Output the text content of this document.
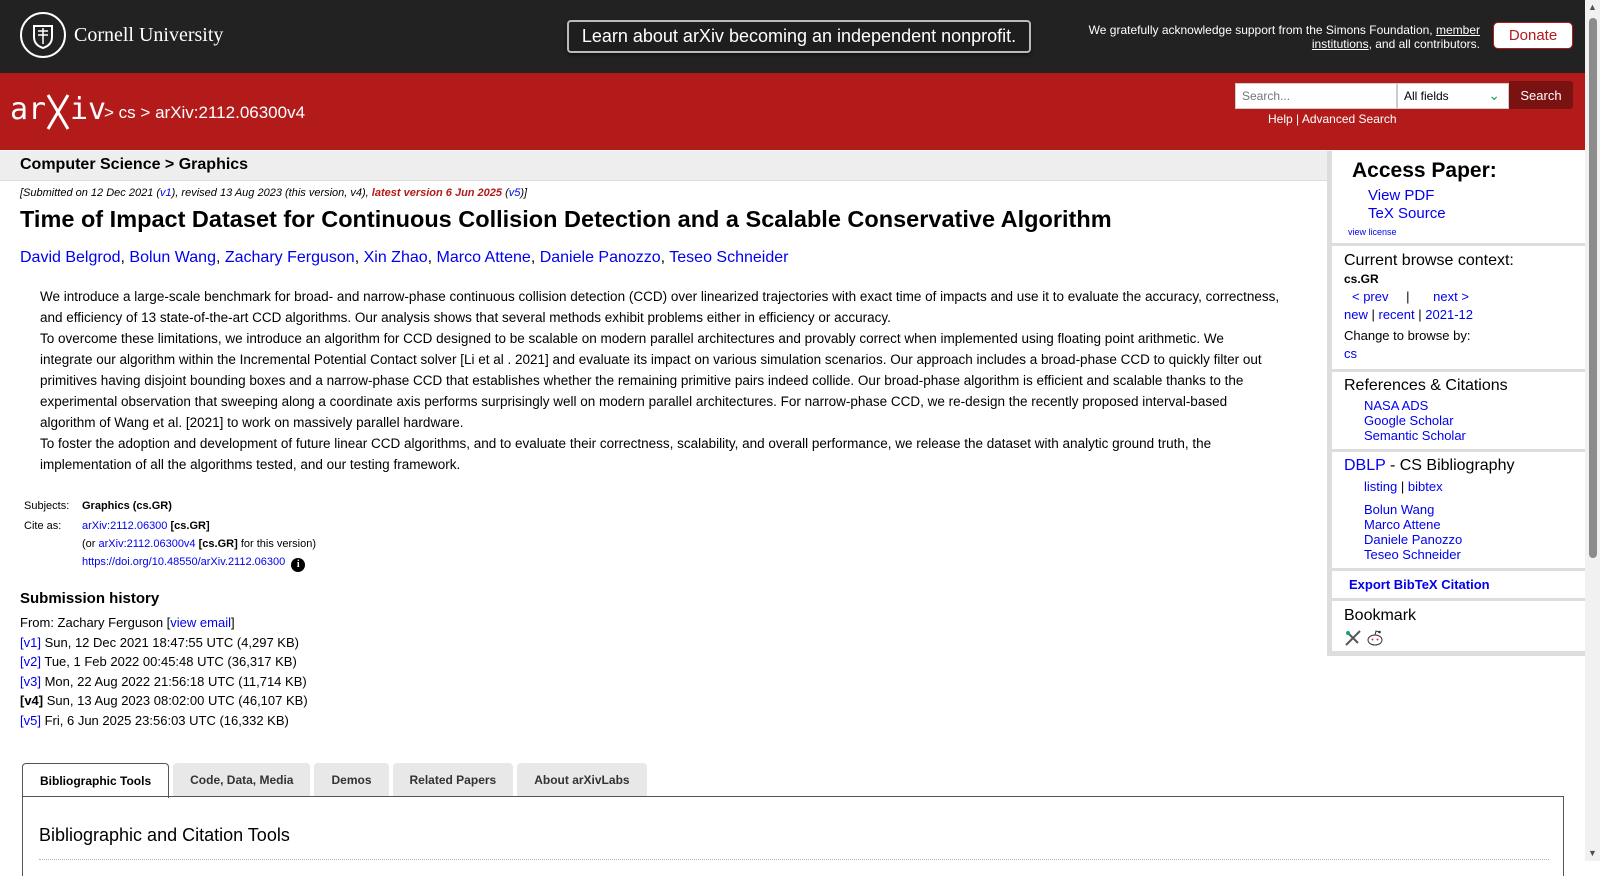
Cornell University	Learn about arXiv becoming an independent nonprofit.	We gratefully acknowledge support from the Simons Foundation, member institutions, and all contributors.	Donate
ar iv
> cs > arXiv:2112.06300v4
Search...
All fields	⌄	Search
Help | Advanced Search
Computer Science > Graphics
[Submitted on 12 Dec 2021 (v1), revised 13 Aug 2023 (this version, v4), latest version 6 Jun 2025 (v5)]
Time of Impact Dataset for Continuous Collision Detection and a Scalable Conservative Algorithm
David Belgrod, Bolun Wang, Zachary Ferguson, Xin Zhao, Marco Attene, Daniele Panozzo, Teseo Schneider

We introduce a large-scale benchmark for broad- and narrow-phase continuous collision detection (CCD) over linearized trajectories with exact time of impacts and use it to evaluate the accuracy, correctness, and efficiency of 13 state-of-the-art CCD algorithms. Our analysis shows that several methods exhibit problems either in efficiency or accuracy.

To overcome these limitations, we introduce an algorithm for CCD designed to be scalable on modern parallel architectures and provably correct when implemented using floating point arithmetic. We integrate our algorithm within the Incremental Potential Contact solver [Li et al . 2021] and evaluate its impact on various simulation scenarios. Our approach includes a broad-phase CCD to quickly filter out primitives having disjoint bounding boxes and a narrow-phase CCD that establishes whether the remaining primitive pairs indeed collide. Our broad-phase algorithm is efficient and scalable thanks to the experimental observation that sweeping along a coordinate axis performs surprisingly well on modern parallel architectures. For narrow-phase CCD, we re-design the recently proposed interval-based algorithm of Wang et al. [2021] to work on massively parallel hardware.

To foster the adoption and development of future linear CCD algorithms, and to evaluate their correctness, scalability, and overall performance, we release the dataset with analytic ground truth, the implementation of all the algorithms tested, and our testing framework.

Subjects:	Graphics (cs.GR)
Cite as:	arXiv:2112.06300 [cs.GR]
(or arXiv:2112.06300v4 [cs.GR] for this version)
https://doi.org/10.48550/arXiv.2112.06300 i
Submission history
From: Zachary Ferguson [view email]
[v1] Sun, 12 Dec 2021 18:47:55 UTC (4,297 KB)
[v2] Tue, 1 Feb 2022 00:45:48 UTC (36,317 KB)
[v3] Mon, 22 Aug 2022 21:56:18 UTC (11,714 KB)
[v4] Sun, 13 Aug 2023 08:02:00 UTC (46,107 KB)
[v5] Fri, 6 Jun 2025 23:56:03 UTC (16,332 KB)
Bibliographic Tools	Code, Data, Media	Demos	Related Papers	About arXivLabs
Bibliographic and Citation Tools
Access Paper:
View PDF
TeX Source
view license
Current browse context:
cs.GR
< prev | next >
new | recent | 2021-12
Change to browse by:
cs
References & Citations
NASA ADS
Google Scholar
Semantic Scholar
DBLP - CS Bibliography
listing | bibtex
Bolun Wang
Marco Attene
Daniele Panozzo
Teseo Schneider
Export BibTeX Citation
Bookmark
▲
▼
